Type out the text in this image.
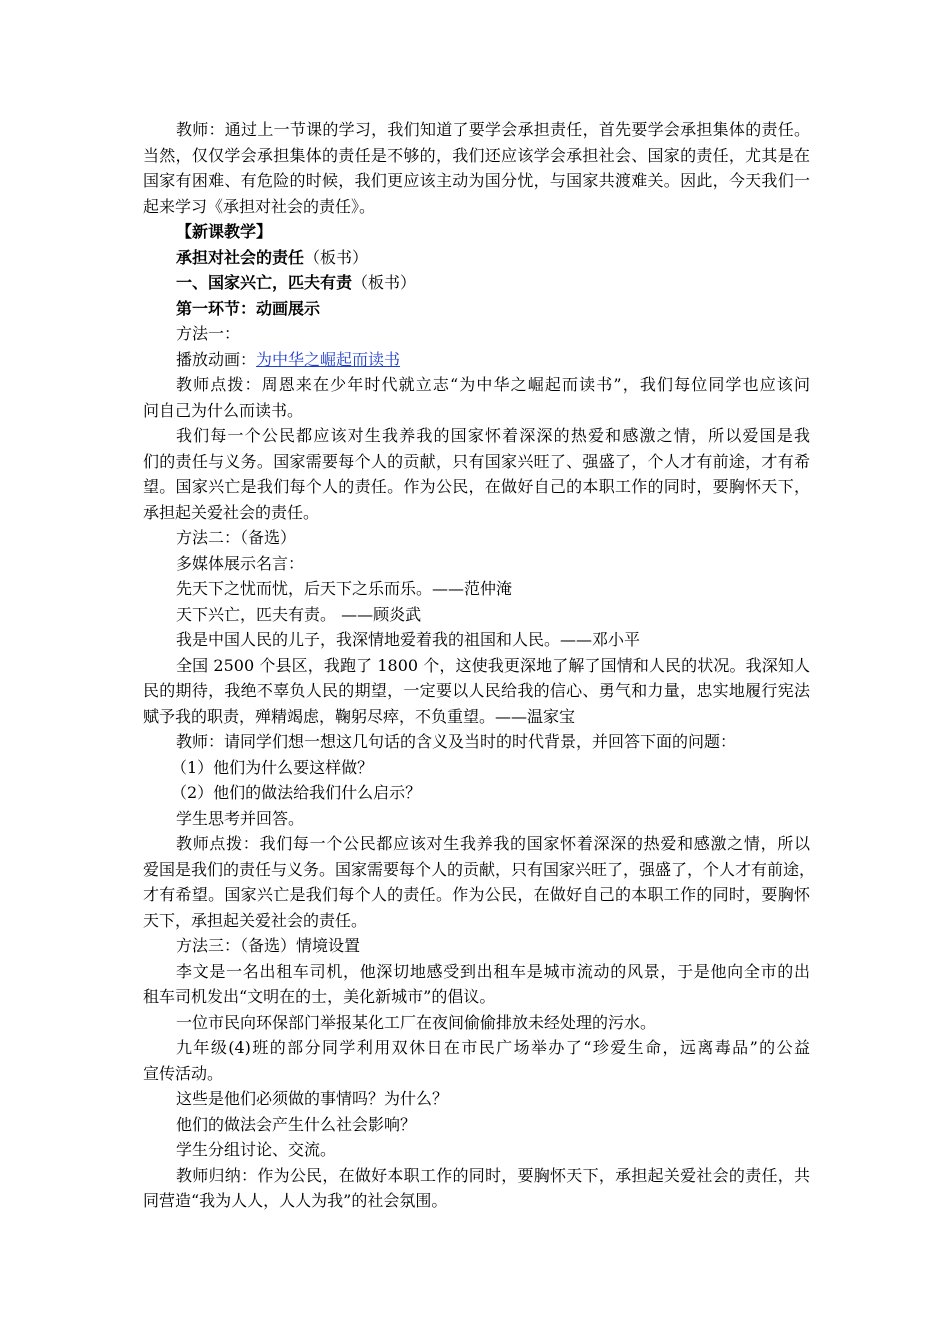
教师：通过上一节课的学习，我们知道了要学会承担责任，首先要学会承担集体的责任。
当然，仅仅学会承担集体的责任是不够的，我们还应该学会承担社会、国家的责任，尤其是在
国家有困难、有危险的时候，我们更应该主动为国分忧，与国家共渡难关。因此，今天我们一
起来学习《承担对社会的责任》。
【新课教学】
承担对社会的责任（板书）
一、国家兴亡，匹夫有责（板书）
第一环节：动画展示
方法一：
播放动画：为中华之崛起而读书
教师点拨：周恩来在少年时代就立志“为中华之崛起而读书”，我们每位同学也应该问
问自己为什么而读书。
我们每一个公民都应该对生我养我的国家怀着深深的热爱和感激之情，所以爱国是我
们的责任与义务。国家需要每个人的贡献，只有国家兴旺了、强盛了，个人才有前途，才有希
望。国家兴亡是我们每个人的责任。作为公民，在做好自己的本职工作的同时，要胸怀天下，
承担起关爱社会的责任。
方法二：（备选）
多媒体展示名言：
先天下之忧而忧，后天下之乐而乐。——范仲淹
天下兴亡，匹夫有责。 ——顾炎武
我是中国人民的儿子，我深情地爱着我的祖国和人民。——邓小平
全国 2500 个县区，我跑了 1800 个，这使我更深地了解了国情和人民的状况。我深知人
民的期待，我绝不辜负人民的期望，一定要以人民给我的信心、勇气和力量，忠实地履行宪法
赋予我的职责，殚精竭虑，鞠躬尽瘁，不负重望。——温家宝
教师：请同学们想一想这几句话的含义及当时的时代背景，并回答下面的问题：
（1）他们为什么要这样做？
（2）他们的做法给我们什么启示？
学生思考并回答。
教师点拨：我们每一个公民都应该对生我养我的国家怀着深深的热爱和感激之情，所以
爱国是我们的责任与义务。国家需要每个人的贡献，只有国家兴旺了，强盛了，个人才有前途，
才有希望。国家兴亡是我们每个人的责任。作为公民，在做好自己的本职工作的同时，要胸怀
天下，承担起关爱社会的责任。
方法三：（备选）情境设置
李文是一名出租车司机，他深切地感受到出租车是城市流动的风景，于是他向全市的出
租车司机发出“文明在的士，美化新城市”的倡议。
一位市民向环保部门举报某化工厂在夜间偷偷排放未经处理的污水。
九年级(4)班的部分同学利用双休日在市民广场举办了“珍爱生命，远离毒品”的公益
宣传活动。
这些是他们必须做的事情吗？为什么？
他们的做法会产生什么社会影响？
学生分组讨论、交流。
教师归纳：作为公民，在做好本职工作的同时，要胸怀天下，承担起关爱社会的责任，共
同营造“我为人人，人人为我”的社会氛围。
